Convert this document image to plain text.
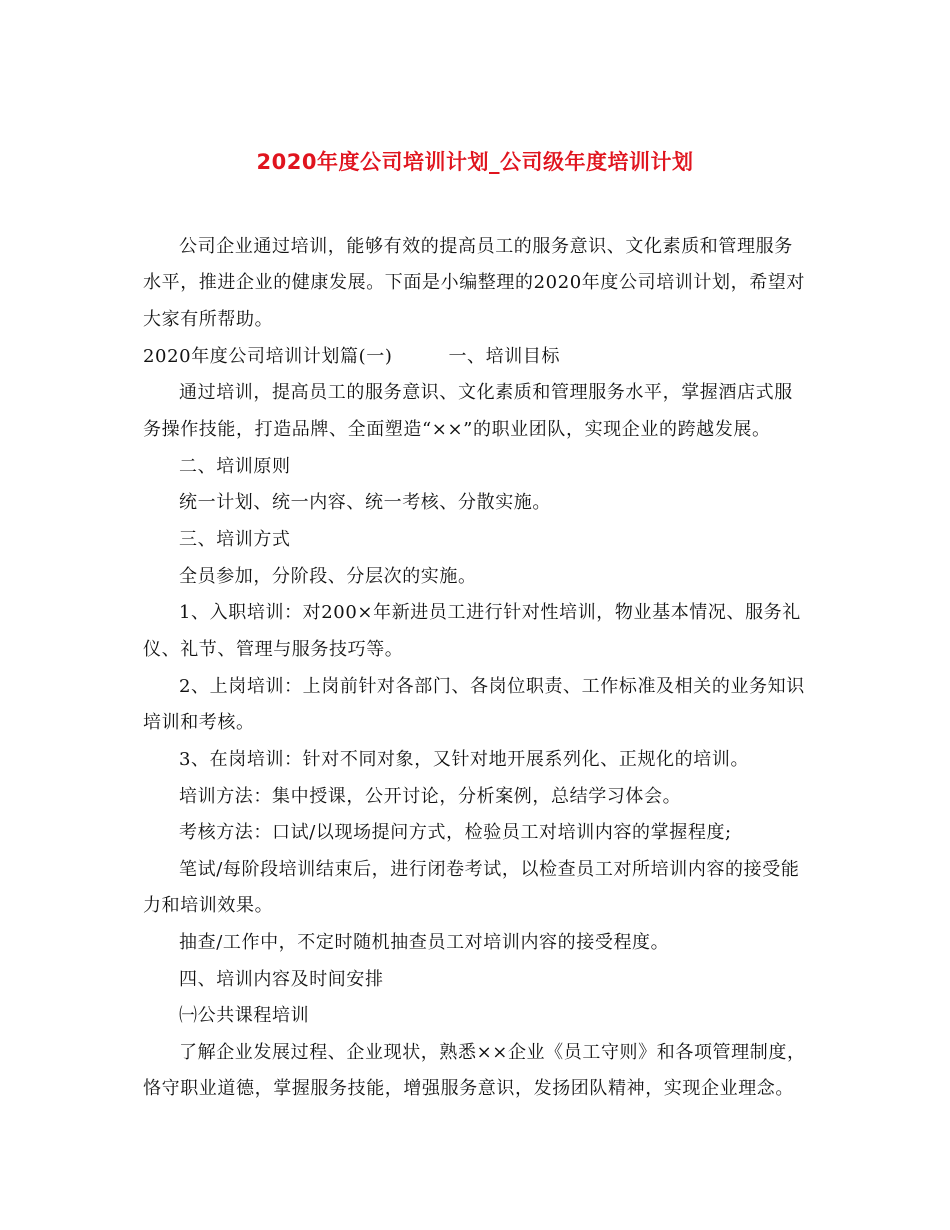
2020年度公司培训计划_公司级年度培训计划
公司企业通过培训，能够有效的提高员工的服务意识、文化素质和管理服务
水平，推进企业的健康发展。下面是小编整理的2020年度公司培训计划，希望对
大家有所帮助。
2020年度公司培训计划篇(一)	一、培训目标
通过培训，提高员工的服务意识、文化素质和管理服务水平，掌握酒店式服
务操作技能，打造品牌、全面塑造“××”的职业团队，实现企业的跨越发展。
二、培训原则
统一计划、统一内容、统一考核、分散实施。
三、培训方式
全员参加，分阶段、分层次的实施。
1、入职培训：对200×年新进员工进行针对性培训，物业基本情况、服务礼
仪、礼节、管理与服务技巧等。
2、上岗培训：上岗前针对各部门、各岗位职责、工作标准及相关的业务知识
培训和考核。
3、在岗培训：针对不同对象，又针对地开展系列化、正规化的培训。
培训方法：集中授课，公开讨论，分析案例，总结学习体会。
考核方法：口试/以现场提问方式，检验员工对培训内容的掌握程度;
笔试/每阶段培训结束后，进行闭卷考试，以检查员工对所培训内容的接受能
力和培训效果。
抽查/工作中，不定时随机抽查员工对培训内容的接受程度。
四、培训内容及时间安排
㈠公共课程培训
了解企业发展过程、企业现状，熟悉××企业《员工守则》和各项管理制度，
恪守职业道德，掌握服务技能，增强服务意识，发扬团队精神，实现企业理念。
